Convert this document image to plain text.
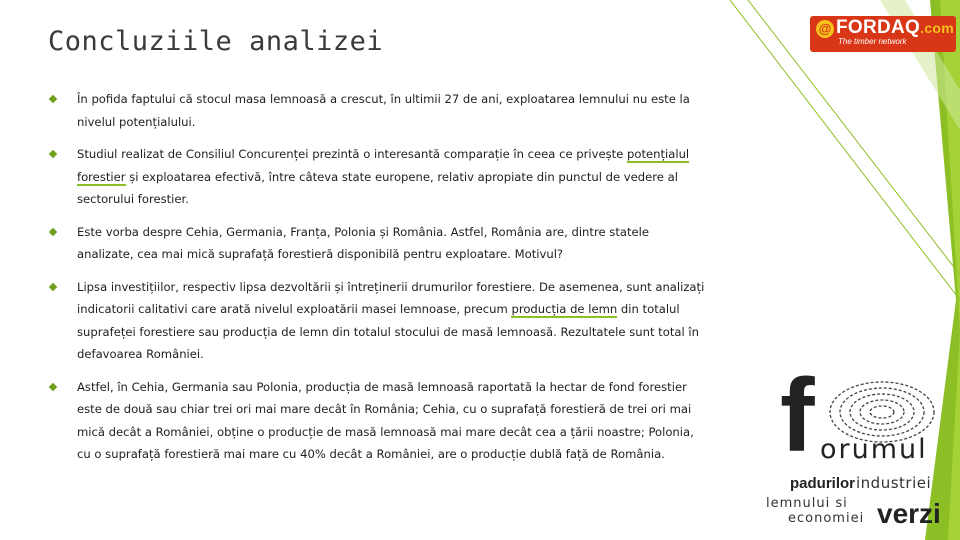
Concluziile analizei
În pofida faptului că stocul masa lemnoasă a crescut, în ultimii 27 de ani, exploatarea lemnului nu este la nivelul potențialului.
Studiul realizat de Consiliul Concurenței prezintă o interesantă comparație în ceea ce privește potențialul forestier și exploatarea efectivă, între câteva state europene, relativ apropiate din punctul de vedere al sectorului forestier.
Este vorba despre Cehia, Germania, Franța, Polonia și România. Astfel, România are, dintre statele analizate, cea mai mică suprafață forestieră disponibilă pentru exploatare. Motivul?
Lipsa investițiilor, respectiv lipsa dezvoltării și întreținerii drumurilor forestiere. De asemenea, sunt analizați indicatorii calitativi care arată nivelul exploatării masei lemnoase, precum producția de lemn din totalul suprafeței forestiere sau producția de lemn din totalul stocului de masă lemnoasă. Rezultatele sunt total în defavoarea României.
Astfel, în Cehia, Germania sau Polonia, producția de masă lemnoasă raportată la hectar de fond forestier este de două sau chiar trei ori mai mare decât în România; Cehia, cu o suprafață forestieră de trei ori mai mică decât a României, obține o producție de masă lemnoasă mai mare decât cea a țării noastre; Polonia, cu o suprafață forestieră mai mare cu 40% decât a României, are o producție dublă față de România.
@ FORDAQ.com
The timber network
f orumul
padurilor industriei
lemnului si
economiei verzi
